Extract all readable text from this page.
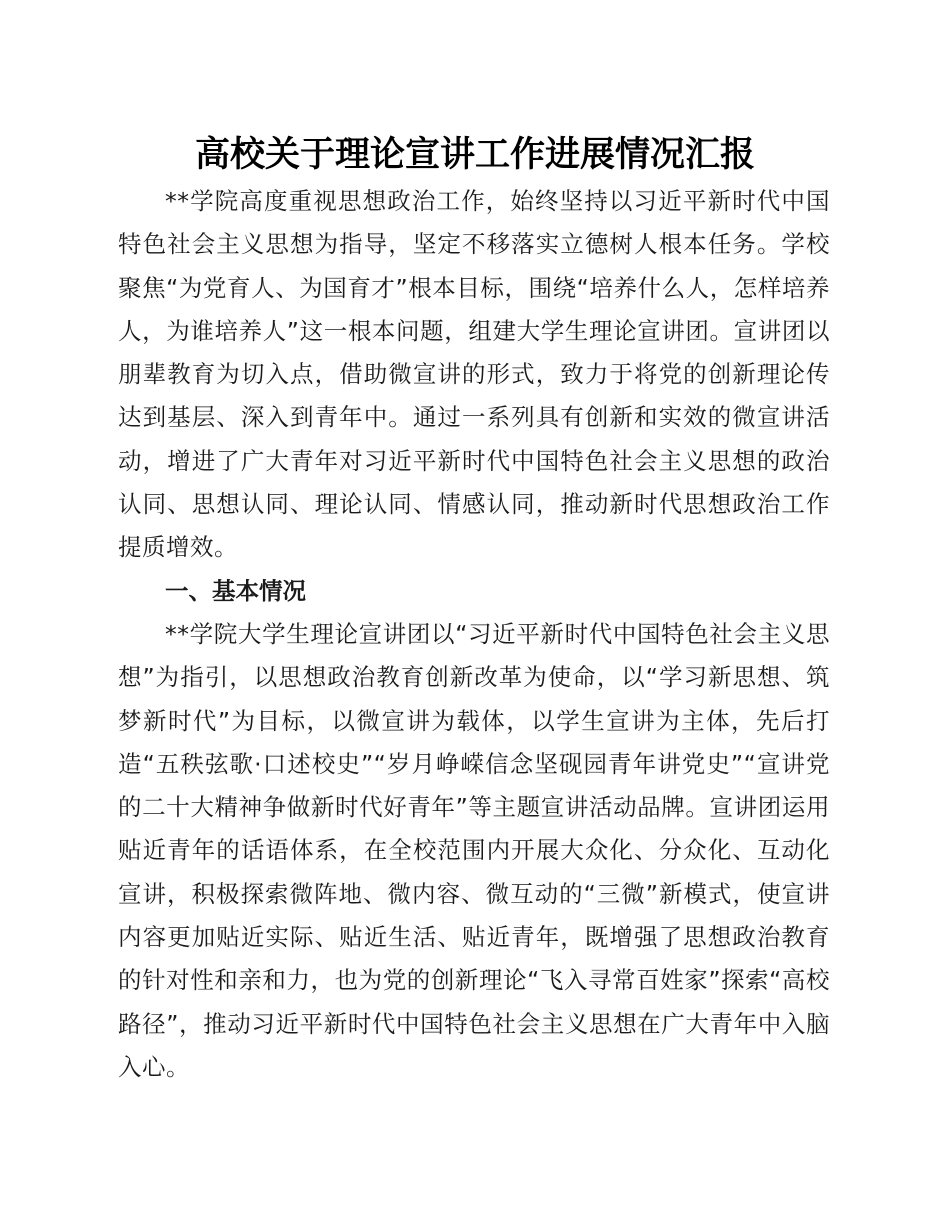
高校关于理论宣讲工作进展情况汇报

**学院高度重视思想政治工作，始终坚持以习近平新时代中国特色社会主义思想为指导，坚定不移落实立德树人根本任务。学校聚焦“为党育人、为国育才”根本目标，围绕“培养什么人，怎样培养人，为谁培养人”这一根本问题，组建大学生理论宣讲团。宣讲团以朋辈教育为切入点，借助微宣讲的形式，致力于将党的创新理论传达到基层、深入到青年中。通过一系列具有创新和实效的微宣讲活动，增进了广大青年对习近平新时代中国特色社会主义思想的政治认同、思想认同、理论认同、情感认同，推动新时代思想政治工作提质增效。

一、基本情况

**学院大学生理论宣讲团以“习近平新时代中国特色社会主义思想”为指引，以思想政治教育创新改革为使命，以“学习新思想、筑梦新时代”为目标，以微宣讲为载体，以学生宣讲为主体，先后打造“五秩弦歌·口述校史”“岁月峥嵘信念坚砚园青年讲党史”“宣讲党的二十大精神争做新时代好青年”等主题宣讲活动品牌。宣讲团运用贴近青年的话语体系，在全校范围内开展大众化、分众化、互动化宣讲，积极探索微阵地、微内容、微互动的“三微”新模式，使宣讲内容更加贴近实际、贴近生活、贴近青年，既增强了思想政治教育的针对性和亲和力，也为党的创新理论“飞入寻常百姓家”探索“高校路径”，推动习近平新时代中国特色社会主义思想在广大青年中入脑入心。
